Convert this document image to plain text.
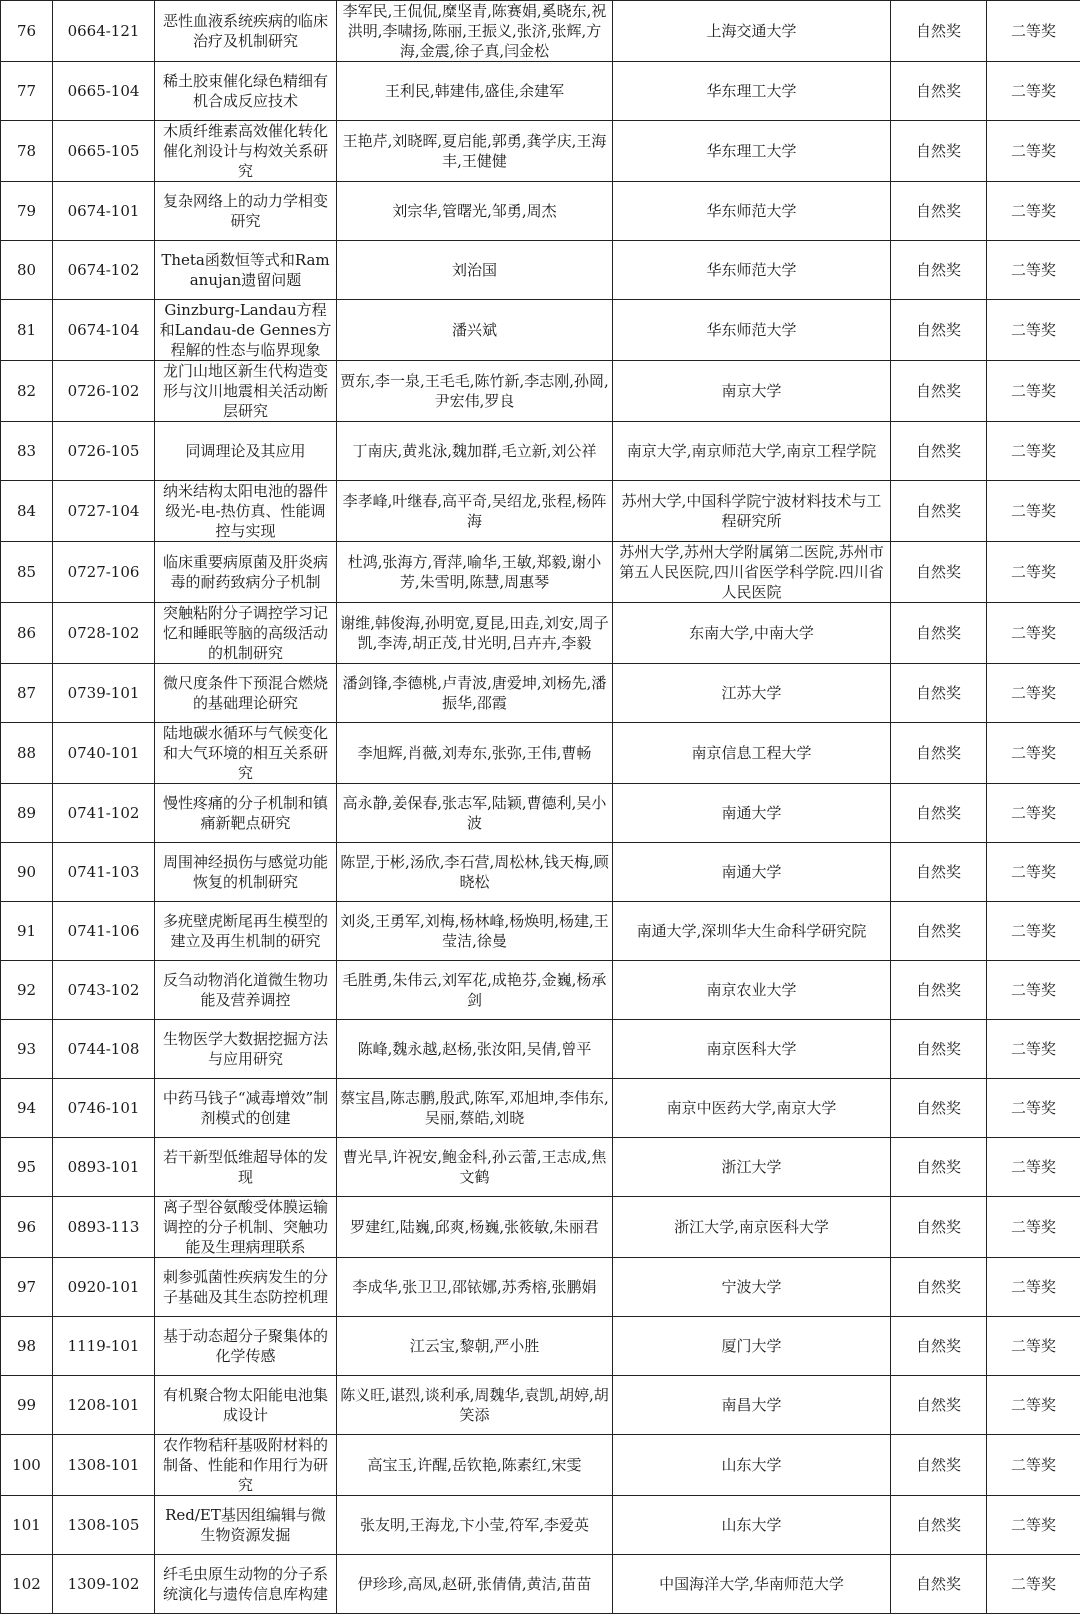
76	0664-121	恶性血液系统疾病的临床治疗及机制研究	李军民,王侃侃,糜坚青,陈赛娟,奚晓东,祝洪明,李啸扬,陈丽,王振义,张济,张辉,方海,金震,徐子真,闫金松	上海交通大学	自然奖	二等奖
77	0665-104	稀土胶束催化绿色精细有机合成反应技术	王利民,韩建伟,盛佳,余建军	华东理工大学	自然奖	二等奖
78	0665-105	木质纤维素高效催化转化催化剂设计与构效关系研究	王艳芹,刘晓晖,夏启能,郭勇,龚学庆,王海丰,王健健	华东理工大学	自然奖	二等奖
79	0674-101	复杂网络上的动力学相变研究	刘宗华,管曙光,邹勇,周杰	华东师范大学	自然奖	二等奖
80	0674-102	Theta函数恒等式和Ramanujan遗留问题	刘治国	华东师范大学	自然奖	二等奖
81	0674-104	Ginzburg-Landau方程和Landau-de Gennes方程解的性态与临界现象	潘兴斌	华东师范大学	自然奖	二等奖
82	0726-102	龙门山地区新生代构造变形与汶川地震相关活动断层研究	贾东,李一泉,王毛毛,陈竹新,李志刚,孙岡,尹宏伟,罗良	南京大学	自然奖	二等奖
83	0726-105	同调理论及其应用	丁南庆,黄兆泳,魏加群,毛立新,刘公祥	南京大学,南京师范大学,南京工程学院	自然奖	二等奖
84	0727-104	纳米结构太阳电池的器件级光-电-热仿真、性能调控与实现	李孝峰,叶继春,高平奇,吴绍龙,张程,杨阵海	苏州大学,中国科学院宁波材料技术与工程研究所	自然奖	二等奖
85	0727-106	临床重要病原菌及肝炎病毒的耐药致病分子机制	杜鸿,张海方,胥萍,喻华,王敏,郑毅,谢小芳,朱雪明,陈慧,周惠琴	苏州大学,苏州大学附属第二医院,苏州市第五人民医院,四川省医学科学院.四川省人民医院	自然奖	二等奖
86	0728-102	突触粘附分子调控学习记忆和睡眠等脑的高级活动的机制研究	谢维,韩俊海,孙明宽,夏昆,田垚,刘安,周子凯,李涛,胡正茂,甘光明,吕卉卉,李毅	东南大学,中南大学	自然奖	二等奖
87	0739-101	微尺度条件下预混合燃烧的基础理论研究	潘剑锋,李德桃,卢青波,唐爱坤,刘杨先,潘振华,邵霞	江苏大学	自然奖	二等奖
88	0740-101	陆地碳水循环与气候变化和大气环境的相互关系研究	李旭辉,肖薇,刘寿东,张弥,王伟,曹畅	南京信息工程大学	自然奖	二等奖
89	0741-102	慢性疼痛的分子机制和镇痛新靶点研究	高永静,姜保春,张志军,陆颖,曹德利,吴小波	南通大学	自然奖	二等奖
90	0741-103	周围神经损伤与感觉功能恢复的机制研究	陈罡,于彬,汤欣,李石营,周松林,钱天梅,顾晓松	南通大学	自然奖	二等奖
91	0741-106	多疣壁虎断尾再生模型的建立及再生机制的研究	刘炎,王勇军,刘梅,杨林峰,杨焕明,杨建,王莹洁,徐曼	南通大学,深圳华大生命科学研究院	自然奖	二等奖
92	0743-102	反刍动物消化道微生物功能及营养调控	毛胜勇,朱伟云,刘军花,成艳芬,金巍,杨承剑	南京农业大学	自然奖	二等奖
93	0744-108	生物医学大数据挖掘方法与应用研究	陈峰,魏永越,赵杨,张汝阳,吴倩,曾平	南京医科大学	自然奖	二等奖
94	0746-101	中药马钱子“减毒增效”制剂模式的创建	蔡宝昌,陈志鹏,殷武,陈军,邓旭坤,李伟东,吴丽,蔡皓,刘晓	南京中医药大学,南京大学	自然奖	二等奖
95	0893-101	若干新型低维超导体的发现	曹光旱,许祝安,鲍金科,孙云蕾,王志成,焦文鹤	浙江大学	自然奖	二等奖
96	0893-113	离子型谷氨酸受体膜运输调控的分子机制、突触功能及生理病理联系	罗建红,陆巍,邱爽,杨巍,张筱敏,朱丽君	浙江大学,南京医科大学	自然奖	二等奖
97	0920-101	刺参弧菌性疾病发生的分子基础及其生态防控机理	李成华,张卫卫,邵铱娜,苏秀榕,张鹏娟	宁波大学	自然奖	二等奖
98	1119-101	基于动态超分子聚集体的化学传感	江云宝,黎朝,严小胜	厦门大学	自然奖	二等奖
99	1208-101	有机聚合物太阳能电池集成设计	陈义旺,谌烈,谈利承,周魏华,袁凯,胡婷,胡笑添	南昌大学	自然奖	二等奖
100	1308-101	农作物秸秆基吸附材料的制备、性能和作用行为研究	高宝玉,许醒,岳钦艳,陈素红,宋雯	山东大学	自然奖	二等奖
101	1308-105	Red/ET基因组编辑与微生物资源发掘	张友明,王海龙,卞小莹,符军,李爱英	山东大学	自然奖	二等奖
102	1309-102	纤毛虫原生动物的分子系统演化与遗传信息库构建	伊珍珍,高凤,赵研,张倩倩,黄洁,苗苗	中国海洋大学,华南师范大学	自然奖	二等奖
